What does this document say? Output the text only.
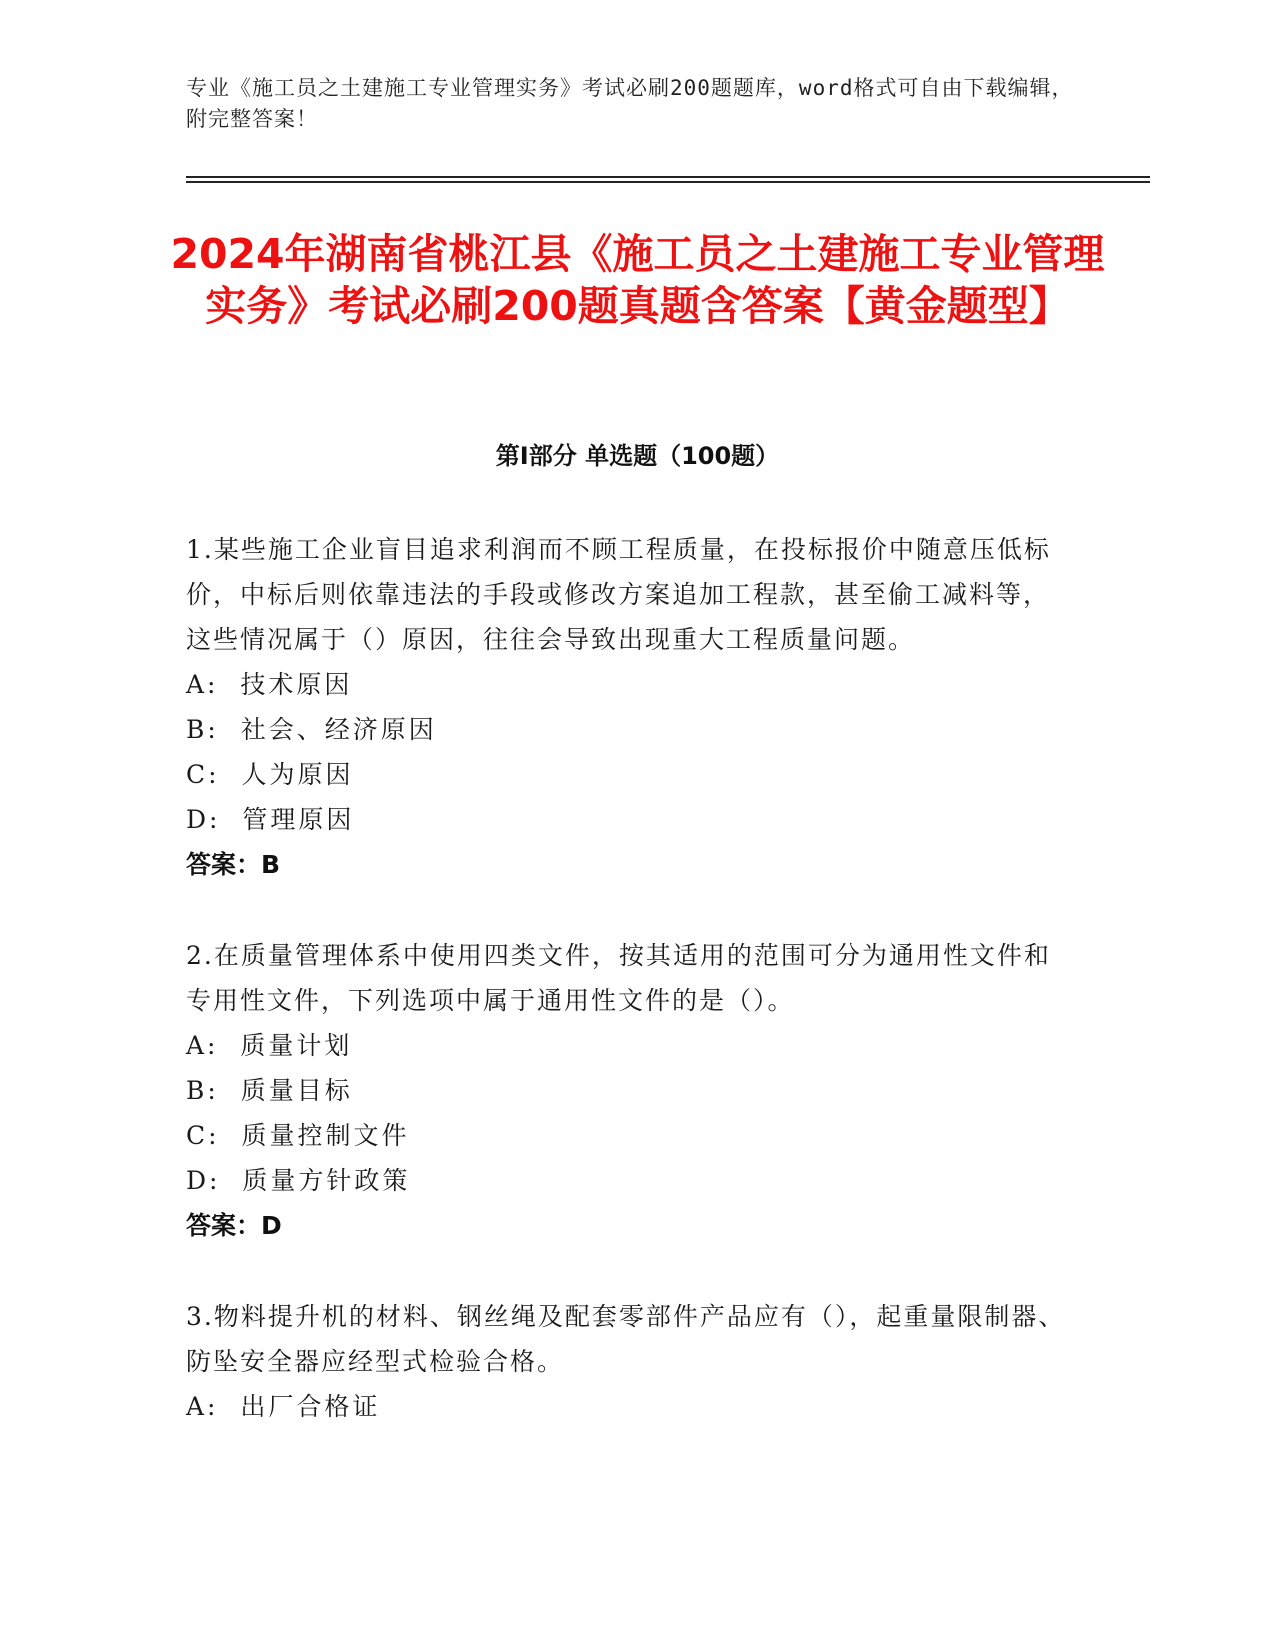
专业《施工员之土建施工专业管理实务》考试必刷200题题库，word格式可自由下载编辑，附完整答案！
2024年湖南省桃江县《施工员之土建施工专业管理实务》考试必刷200题真题含答案【黄金题型】
第I部分 单选题（100题）
1.某些施工企业盲目追求利润而不顾工程质量，在投标报价中随意压低标价，中标后则依靠违法的手段或修改方案追加工程款，甚至偷工减料等，这些情况属于（）原因，往往会导致出现重大工程质量问题。
A:  技术原因
B:  社会、经济原因
C:  人为原因
D:  管理原因
答案：B
2.在质量管理体系中使用四类文件，按其适用的范围可分为通用性文件和专用性文件，下列选项中属于通用性文件的是（）。
A:  质量计划
B:  质量目标
C:  质量控制文件
D:  质量方针政策
答案：D
3.物料提升机的材料、钢丝绳及配套零部件产品应有（），起重量限制器、防坠安全器应经型式检验合格。
A:  出厂合格证
